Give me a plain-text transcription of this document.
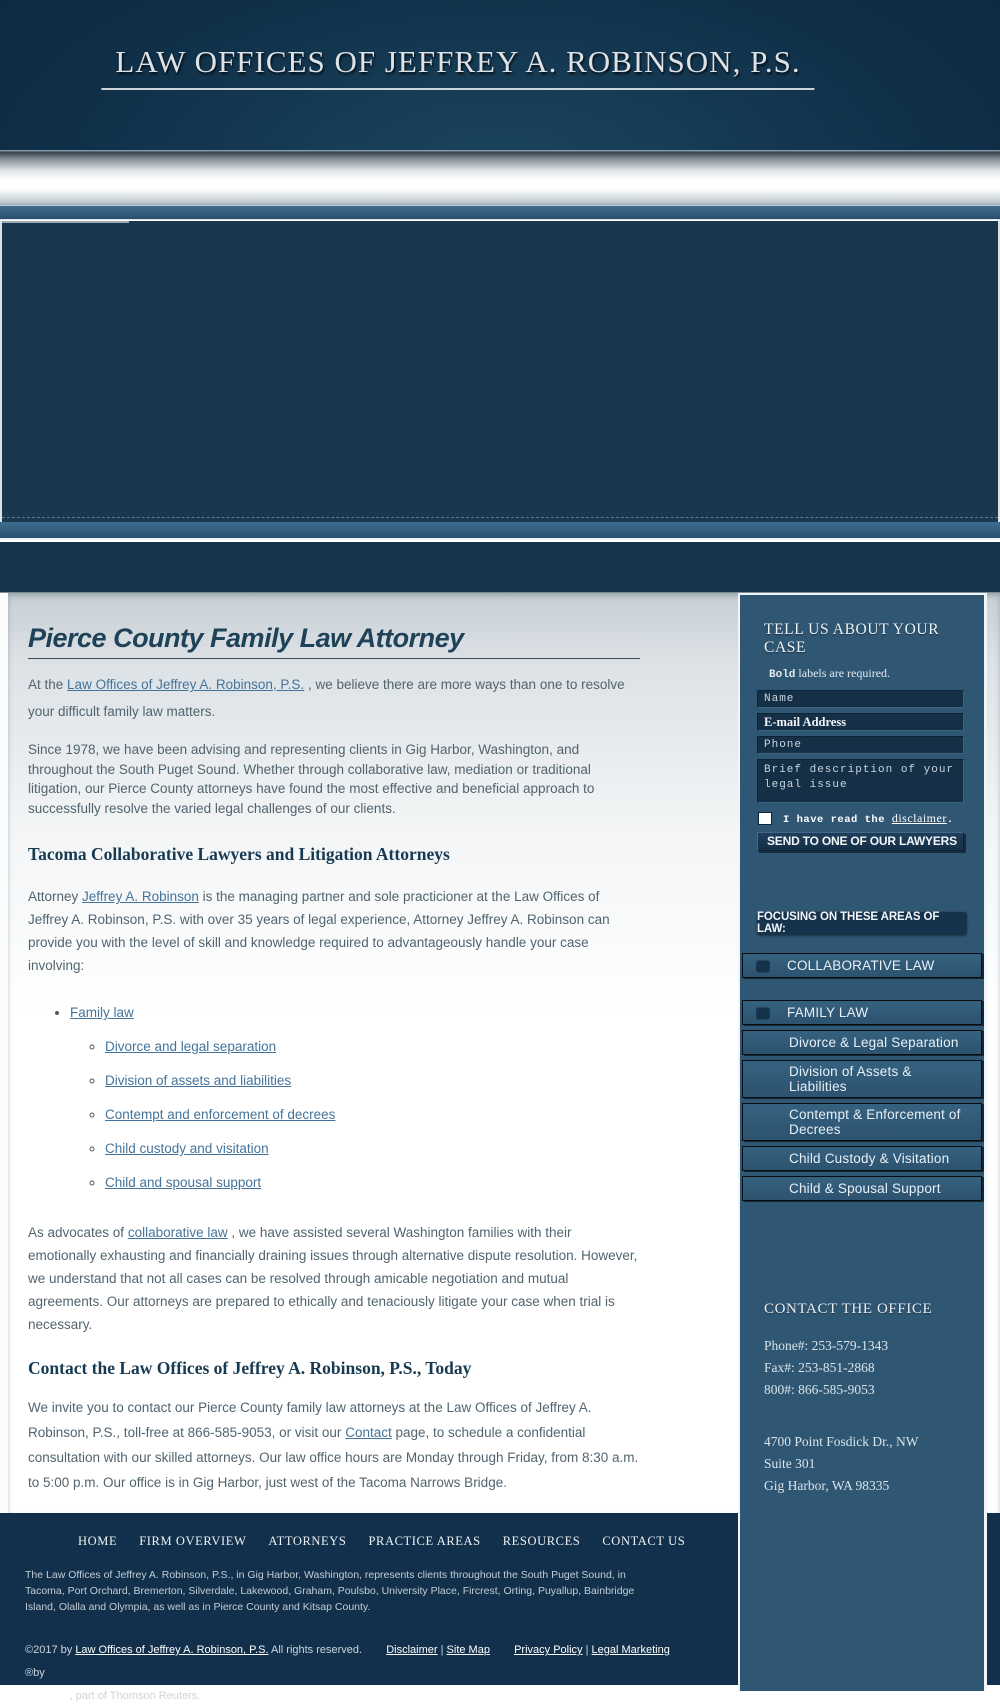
LAW OFFICES OF JEFFREY A. ROBINSON, P.S.
Pierce County Family Law Attorney

At the Law Offices of Jeffrey A. Robinson, P.S. , we believe there are more ways than one to resolve your difficult family law matters.

Since 1978, we have been advising and representing clients in Gig Harbor, Washington, and throughout the South Puget Sound. Whether through collaborative law, mediation or traditional litigation, our Pierce County attorneys have found the most effective and beneficial approach to successfully resolve the varied legal challenges of our clients.

Tacoma Collaborative Lawyers and Litigation Attorneys

Attorney Jeffrey A. Robinson is the managing partner and sole practicioner at the Law Offices of Jeffrey A. Robinson, P.S. with over 35 years of legal experience, Attorney Jeffrey A. Robinson can provide you with the level of skill and knowledge required to advantageously handle your case involving:

• Family law
◦ Divorce and legal separation
◦ Division of assets and liabilities
◦ Contempt and enforcement of decrees
◦ Child custody and visitation
◦ Child and spousal support

As advocates of collaborative law , we have assisted several Washington families with their emotionally exhausting and financially draining issues through alternative dispute resolution. However, we understand that not all cases can be resolved through amicable negotiation and mutual agreements. Our attorneys are prepared to ethically and tenaciously litigate your case when trial is necessary.

Contact the Law Offices of Jeffrey A. Robinson, P.S., Today

We invite you to contact our Pierce County family law attorneys at the Law Offices of Jeffrey A. Robinson, P.S., toll-free at 866-585-9053, or visit our Contact page, to schedule a confidential consultation with our skilled attorneys. Our law office hours are Monday through Friday, from 8:30 a.m. to 5:00 p.m. Our office is in Gig Harbor, just west of the Tacoma Narrows Bridge.

HOME FIRM OVERVIEW ATTORNEYS PRACTICE AREAS RESOURCES CONTACT US

The Law Offices of Jeffrey A. Robinson, P.S., in Gig Harbor, Washington, represents clients throughout the South Puget Sound, in Tacoma, Port Orchard, Bremerton, Silverdale, Lakewood, Graham, Poulsbo, University Place, Fircrest, Orting, Puyallup, Bainbridge Island, Olalla and Olympia, as well as in Pierce County and Kitsap County.

©2017 by Law Offices of Jeffrey A. Robinson, P.S. All rights reserved. Disclaimer | Site Map Privacy Policy | Legal Marketing ®by
FindLaw , part of Thomson Reuters.

TELL US ABOUT YOUR CASE
Bold labels are required.
Name
E-mail Address
Phone
Brief description of your legal issue
I have read the disclaimer.
SEND TO ONE OF OUR LAWYERS
FOCUSING ON THESE AREAS OF LAW:
COLLABORATIVE LAW
FAMILY LAW
Divorce & Legal Separation
Division of Assets & Liabilities
Contempt & Enforcement of Decrees
Child Custody & Visitation
Child & Spousal Support
CONTACT THE OFFICE
Phone#: 253-579-1343
Fax#: 253-851-2868
800#: 866-585-9053
4700 Point Fosdick Dr., NW
Suite 301
Gig Harbor, WA 98335
